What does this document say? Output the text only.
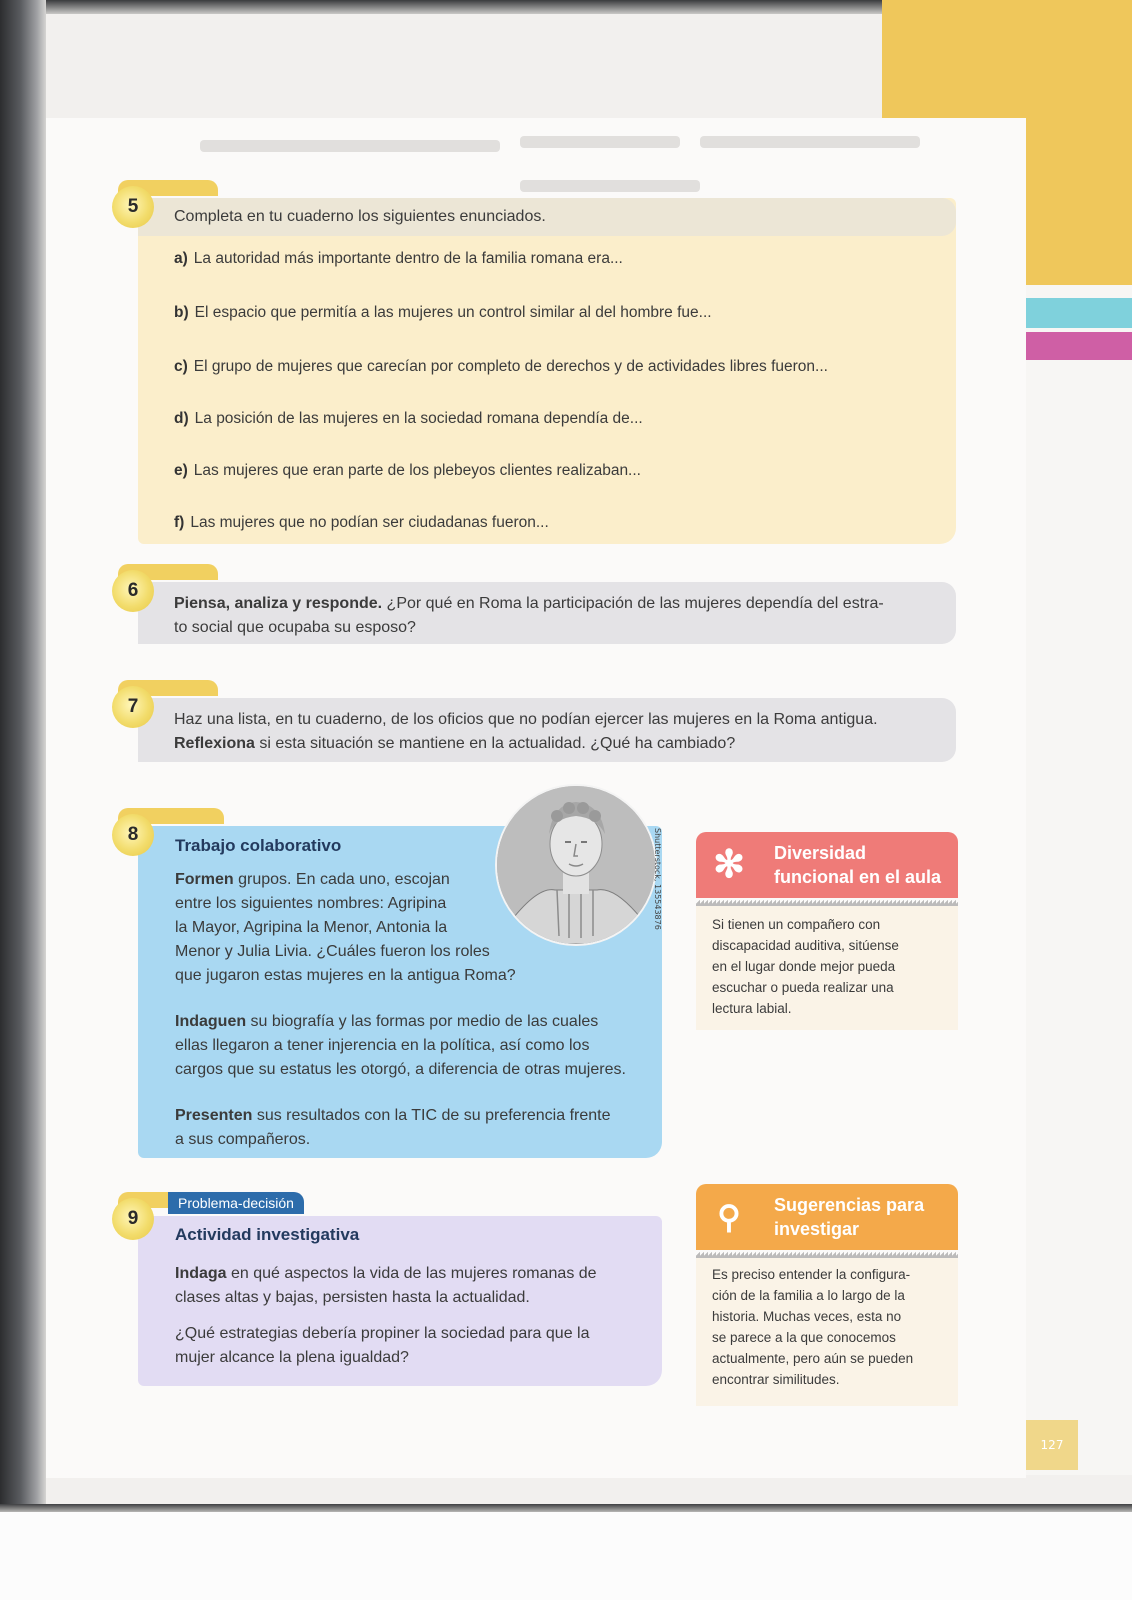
5	Completa en tu cuaderno los siguientes enunciados.
a) La autoridad más importante dentro de la familia romana era...
b) El espacio que permitía a las mujeres un control similar al del hombre fue...
c) El grupo de mujeres que carecían por completo de derechos y de actividades libres fueron...
d) La posición de las mujeres en la sociedad romana dependía de...
e) Las mujeres que eran parte de los plebeyos clientes realizaban...
f) Las mujeres que no podían ser ciudadanas fueron...
6
Piensa, analiza y responde. ¿Por qué en Roma la participación de las mujeres dependía del estra-
to social que ocupaba su esposo?
7
Haz una lista, en tu cuaderno, de los oficios que no podían ejercer las mujeres en la Roma antigua.
Reflexiona si esta situación se mantiene en la actualidad. ¿Qué ha cambiado?
8
Trabajo colaborativo	Shutterstock, 135543876
Formen grupos. En cada uno, escojan
entre los siguientes nombres: Agripina
la Mayor, Agripina la Menor, Antonia la
Menor y Julia Livia. ¿Cuáles fueron los roles
que jugaron estas mujeres en la antigua Roma?
Indaguen su biografía y las formas por medio de las cuales
ellas llegaron a tener injerencia en la política, así como los
cargos que su estatus les otorgó, a diferencia de otras mujeres.
Presenten sus resultados con la TIC de su preferencia frente
a sus compañeros.
Problema-decisión
9
Actividad investigativa
Indaga en qué aspectos la vida de las mujeres romanas de
clases altas y bajas, persisten hasta la actualidad.
¿Qué estrategias debería propiner la sociedad para que la
mujer alcance la plena igualdad?
✻	Diversidad
funcional en el aula
Si tienen un compañero con
discapacidad auditiva, sitúense
en el lugar donde mejor pueda
escuchar o pueda realizar una
lectura labial.
⚲	Sugerencias para
investigar
Es preciso entender la configura-
ción de la familia a lo largo de la
historia. Muchas veces, esta no
se parece a la que conocemos
actualmente, pero aún se pueden
encontrar similitudes.
127
